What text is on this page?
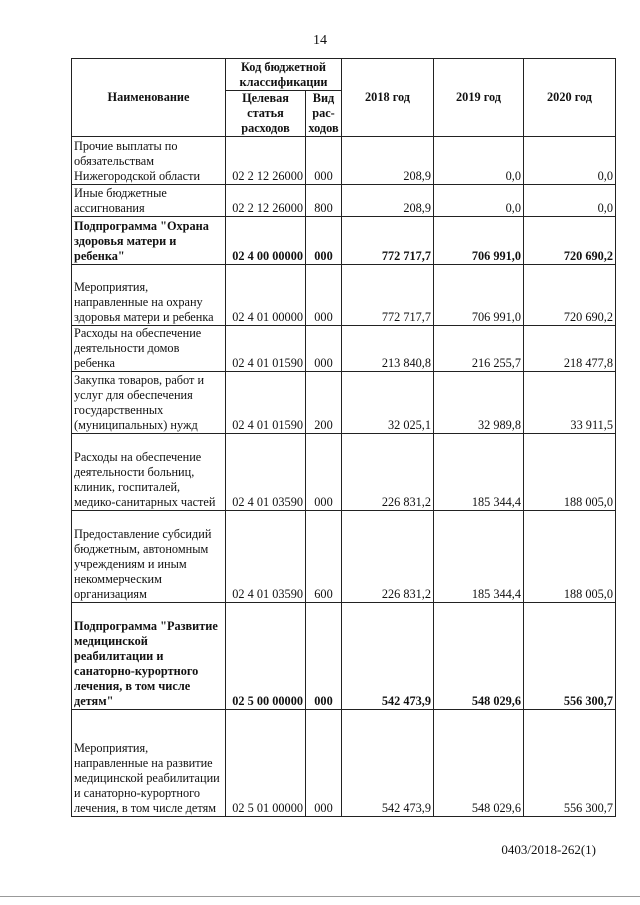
14
Наименование	Код бюджетной классификации		2018 год	2019 год	2020 год
	Целевая статья расходов	Вид рас-ходов			
Прочие выплаты по обязательствам Нижегородской области	02 2 12 26000	000	208,9	0,0	0,0
Иные бюджетные ассигнования	02 2 12 26000	800	208,9	0,0	0,0
Подпрограмма "Охрана здоровья матери и ребенка"	02 4 00 00000	000	772 717,7	706 991,0	720 690,2
Мероприятия, направленные на охрану здоровья матери и ребенка	02 4 01 00000	000	772 717,7	706 991,0	720 690,2
Расходы на обеспечение деятельности домов ребенка	02 4 01 01590	000	213 840,8	216 255,7	218 477,8
Закупка товаров, работ и услуг для обеспечения государственных (муниципальных) нужд	02 4 01 01590	200	32 025,1	32 989,8	33 911,5
Расходы на обеспечение деятельности больниц, клиник, госпиталей, медико-санитарных частей	02 4 01 03590	000	226 831,2	185 344,4	188 005,0
Предоставление субсидий бюджетным, автономным учреждениям и иным некоммерческим организациям	02 4 01 03590	600	226 831,2	185 344,4	188 005,0
Подпрограмма "Развитие медицинской реабилитации и санаторно-курортного лечения, в том числе детям"	02 5 00 00000	000	542 473,9	548 029,6	556 300,7
Мероприятия, направленные на развитие медицинской реабилитации и санаторно-курортного лечения, в том числе детям	02 5 01 00000	000	542 473,9	548 029,6	556 300,7
0403/2018-262(1)
